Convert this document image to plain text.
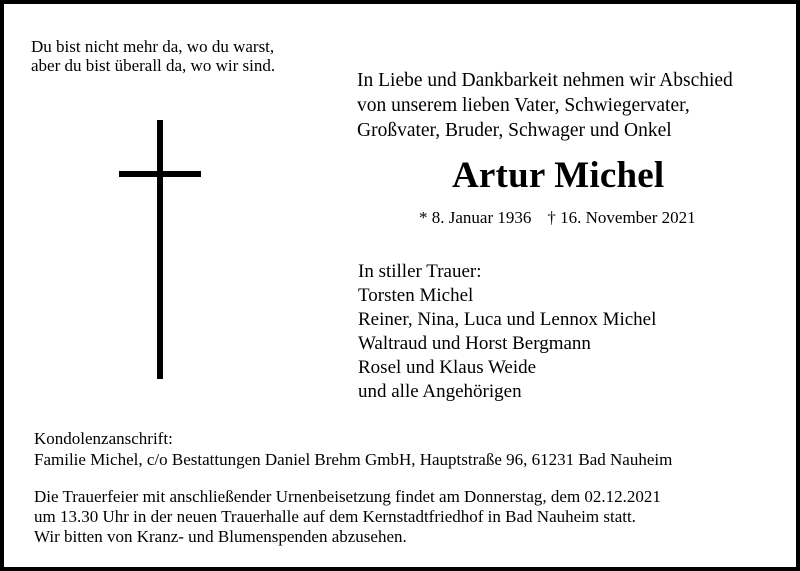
Du bist nicht mehr da, wo du warst,
aber du bist überall da, wo wir sind.
In Liebe und Dankbarkeit nehmen wir Abschied
von unserem lieben Vater, Schwiegervater,
Großvater, Bruder, Schwager und Onkel
Artur Michel
* 8. Januar 1936 † 16. November 2021
In stiller Trauer:
Torsten Michel
Reiner, Nina, Luca und Lennox Michel
Waltraud und Horst Bergmann
Rosel und Klaus Weide
und alle Angehörigen
Kondolenzanschrift:
Familie Michel, c/o Bestattungen Daniel Brehm GmbH, Hauptstraße 96, 61231 Bad Nauheim
Die Trauerfeier mit anschließender Urnenbeisetzung findet am Donnerstag, dem 02.12.2021
um 13.30 Uhr in der neuen Trauerhalle auf dem Kernstadtfriedhof in Bad Nauheim statt.
Wir bitten von Kranz- und Blumenspenden abzusehen.
